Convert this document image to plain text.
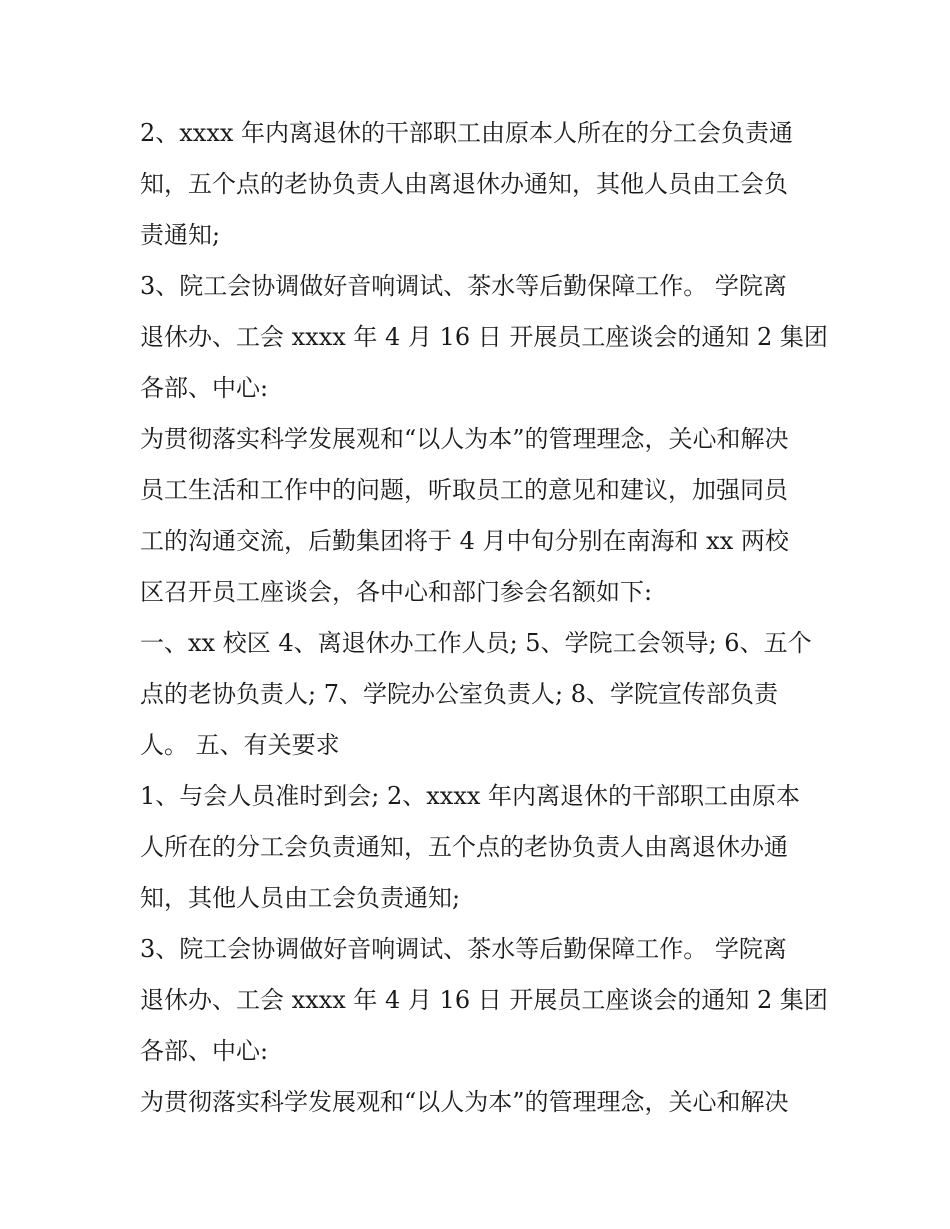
2、xxxx 年内离退休的干部职工由原本人所在的分工会负责通
知，五个点的老协负责人由离退休办通知，其他人员由工会负
责通知;
3、院工会协调做好音响调试、茶水等后勤保障工作。 学院离
退休办、工会 xxxx 年 4 月 16 日 开展员工座谈会的通知 2 集团
各部、中心:
为贯彻落实科学发展观和“以人为本”的管理理念，关心和解决
员工生活和工作中的问题，听取员工的意见和建议，加强同员
工的沟通交流，后勤集团将于 4 月中旬分别在南海和 xx 两校
区召开员工座谈会，各中心和部门参会名额如下:
一、xx 校区 4、离退休办工作人员; 5、学院工会领导; 6、五个
点的老协负责人; 7、学院办公室负责人; 8、学院宣传部负责
人。 五、有关要求
1、与会人员准时到会; 2、xxxx 年内离退休的干部职工由原本
人所在的分工会负责通知，五个点的老协负责人由离退休办通
知，其他人员由工会负责通知;
3、院工会协调做好音响调试、茶水等后勤保障工作。 学院离
退休办、工会 xxxx 年 4 月 16 日 开展员工座谈会的通知 2 集团
各部、中心:
为贯彻落实科学发展观和“以人为本”的管理理念，关心和解决
